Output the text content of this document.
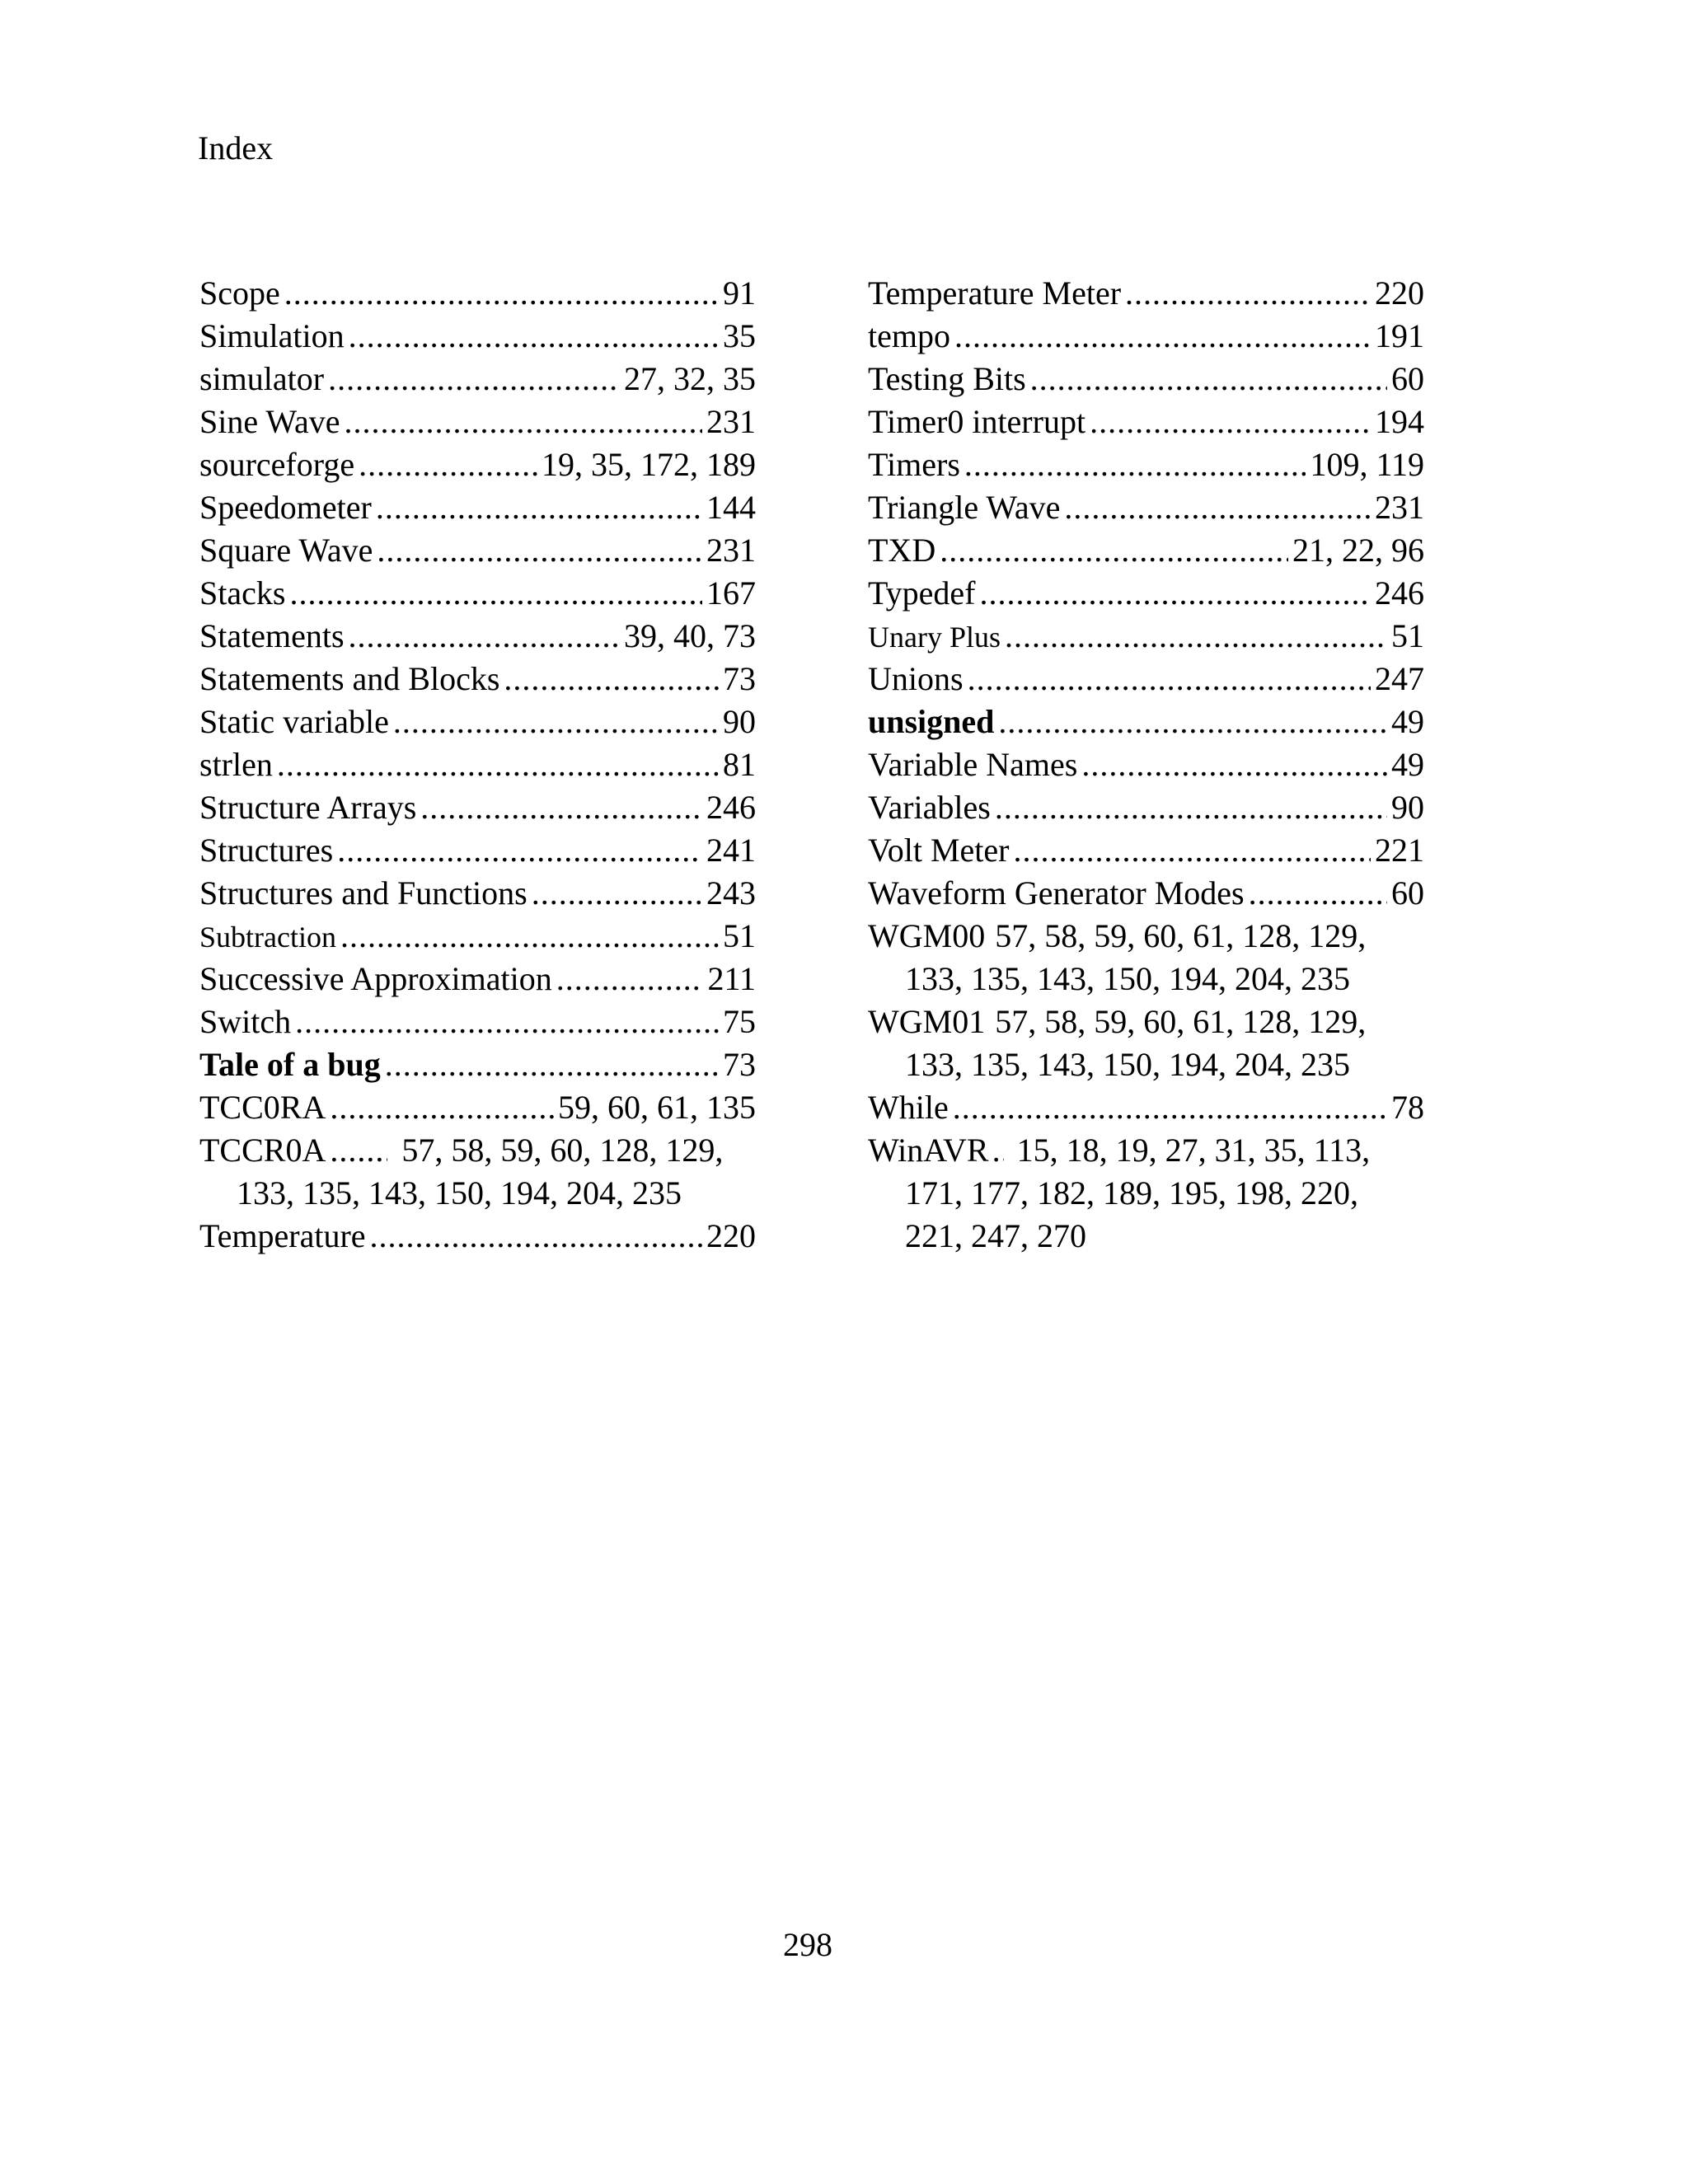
Index
Scope .....	91
Simulation .....	35
simulator .....	27, 32, 35
Sine Wave .....	231
sourceforge .....	19, 35, 172, 189
Speedometer .....	144
Square Wave .....	231
Stacks .....	167
Statements .....	39, 40, 73
Statements and Blocks .....	73
Static variable .....	90
strlen .....	81
Structure Arrays .....	246
Structures .....	241
Structures and Functions .....	243
Subtraction .....	51
Successive Approximation .....	211
Switch .....	75
Tale of a bug .....	73
TCC0RA .....	59, 60, 61, 135
TCCR0A ..... 57, 58, 59, 60, 128, 129,
133, 135, 143, 150, 194, 204, 235
Temperature .....	220
Temperature Meter .....	220
tempo .....	191
Testing Bits .....	60
Timer0 interrupt .....	194
Timers .....	109, 119
Triangle Wave .....	231
TXD .....	21, 22, 96
Typedef .....	246
Unary Plus .....	51
Unions .....	247
unsigned .....	49
Variable Names .....	49
Variables .....	90
Volt Meter .....	221
Waveform Generator Modes .....	60
WGM00 57, 58, 59, 60, 61, 128, 129,
133, 135, 143, 150, 194, 204, 235
WGM01 57, 58, 59, 60, 61, 128, 129,
133, 135, 143, 150, 194, 204, 235
While .....	78
WinAVR ..... 15, 18, 19, 27, 31, 35, 113,
171, 177, 182, 189, 195, 198, 220,
221, 247, 270

298
